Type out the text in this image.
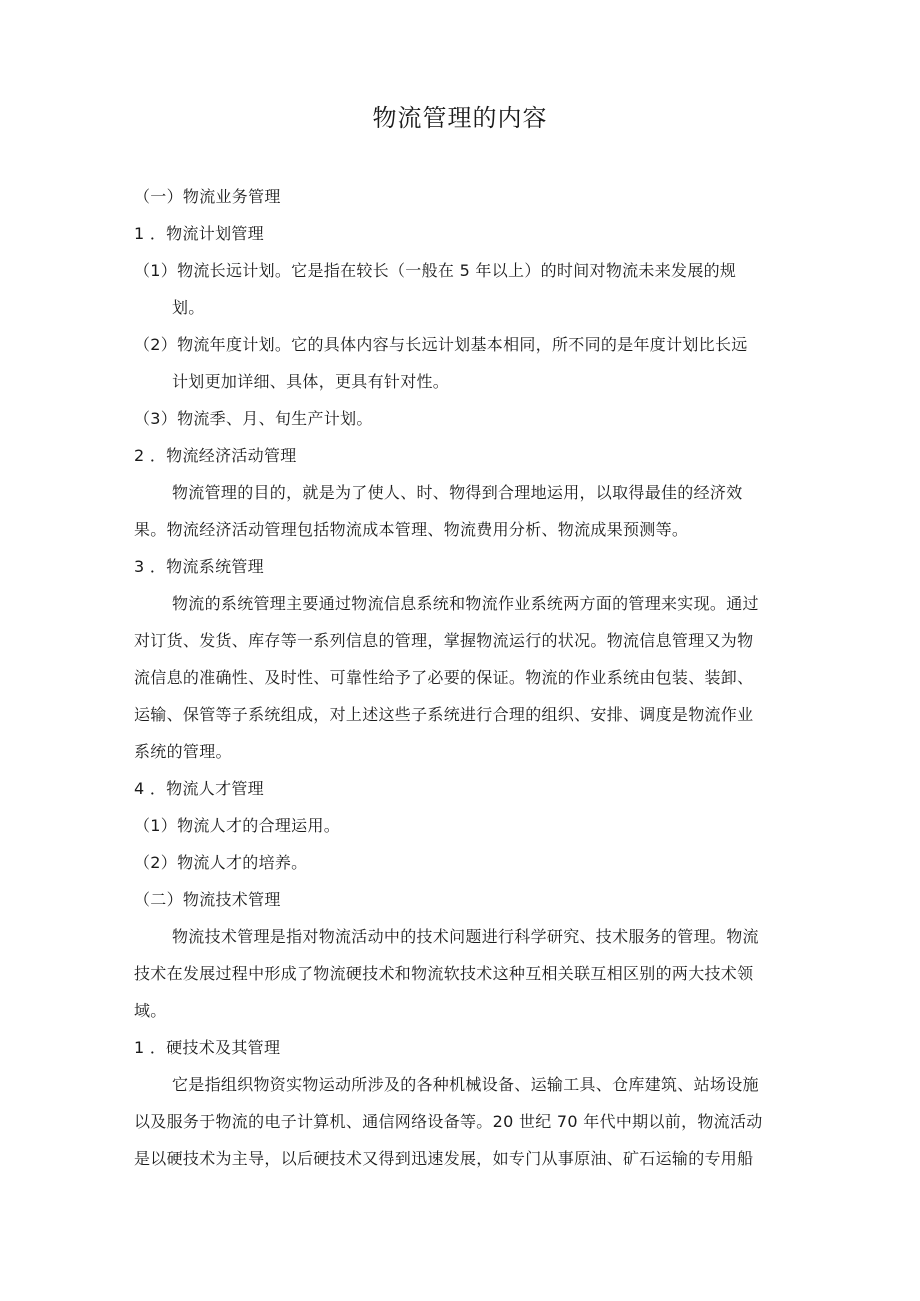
物流管理的内容
（一）物流业务管理
1 ．物流计划管理
（1）物流长远计划。它是指在较长（一般在 5 年以上）的时间对物流未来发展的规
划。
（2）物流年度计划。它的具体内容与长远计划基本相同，所不同的是年度计划比长远
计划更加详细、具体，更具有针对性。
（3）物流季、月、旬生产计划。
2 ．物流经济活动管理
物流管理的目的，就是为了使人、时、物得到合理地运用，以取得最佳的经济效
果。物流经济活动管理包括物流成本管理、物流费用分析、物流成果预测等。
3 ．物流系统管理
物流的系统管理主要通过物流信息系统和物流作业系统两方面的管理来实现。通过
对订货、发货、库存等一系列信息的管理，掌握物流运行的状况。物流信息管理又为物
流信息的准确性、及时性、可靠性给予了必要的保证。物流的作业系统由包装、装卸、
运输、保管等子系统组成，对上述这些子系统进行合理的组织、安排、调度是物流作业
系统的管理。
4 ．物流人才管理
（1）物流人才的合理运用。
（2）物流人才的培养。
（二）物流技术管理
物流技术管理是指对物流活动中的技术问题进行科学研究、技术服务的管理。物流
技术在发展过程中形成了物流硬技术和物流软技术这种互相关联互相区别的两大技术领
域。
1 ．硬技术及其管理
它是指组织物资实物运动所涉及的各种机械设备、运输工具、仓库建筑、站场设施
以及服务于物流的电子计算机、通信网络设备等。20 世纪 70 年代中期以前，物流活动
是以硬技术为主导，以后硬技术又得到迅速发展，如专门从事原油、矿石运输的专用船
